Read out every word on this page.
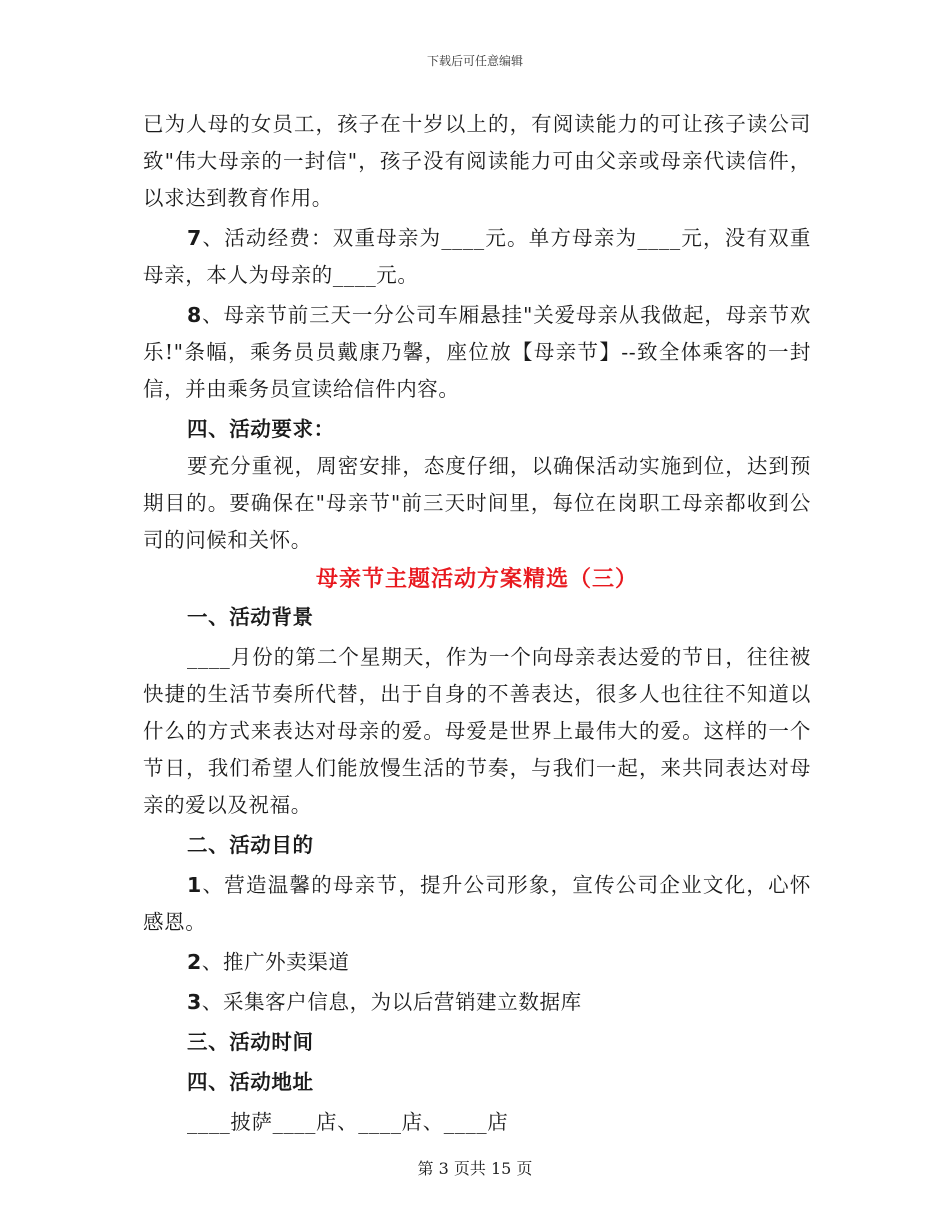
下载后可任意编辑

已为人母的女员工，孩子在十岁以上的，有阅读能力的可让孩子读公司致"伟大母亲的一封信"，孩子没有阅读能力可由父亲或母亲代读信件，以求达到教育作用。

7、活动经费：双重母亲为____元。单方母亲为____元，没有双重母亲，本人为母亲的____元。

8、母亲节前三天一分公司车厢悬挂"关爱母亲从我做起，母亲节欢乐!"条幅，乘务员员戴康乃馨，座位放【母亲节】--致全体乘客的一封信，并由乘务员宣读给信件内容。

四、活动要求：

要充分重视，周密安排，态度仔细，以确保活动实施到位，达到预期目的。要确保在"母亲节"前三天时间里，每位在岗职工母亲都收到公司的问候和关怀。

母亲节主题活动方案精选（三）

一、活动背景

____月份的第二个星期天，作为一个向母亲表达爱的节日，往往被快捷的生活节奏所代替，出于自身的不善表达，很多人也往往不知道以什么的方式来表达对母亲的爱。母爱是世界上最伟大的爱。这样的一个节日，我们希望人们能放慢生活的节奏，与我们一起，来共同表达对母亲的爱以及祝福。

二、活动目的

1、营造温馨的母亲节，提升公司形象，宣传公司企业文化，心怀感恩。

2、推广外卖渠道

3、采集客户信息，为以后营销建立数据库

三、活动时间

四、活动地址

____披萨____店、____店、____店

第 3 页共 15 页
